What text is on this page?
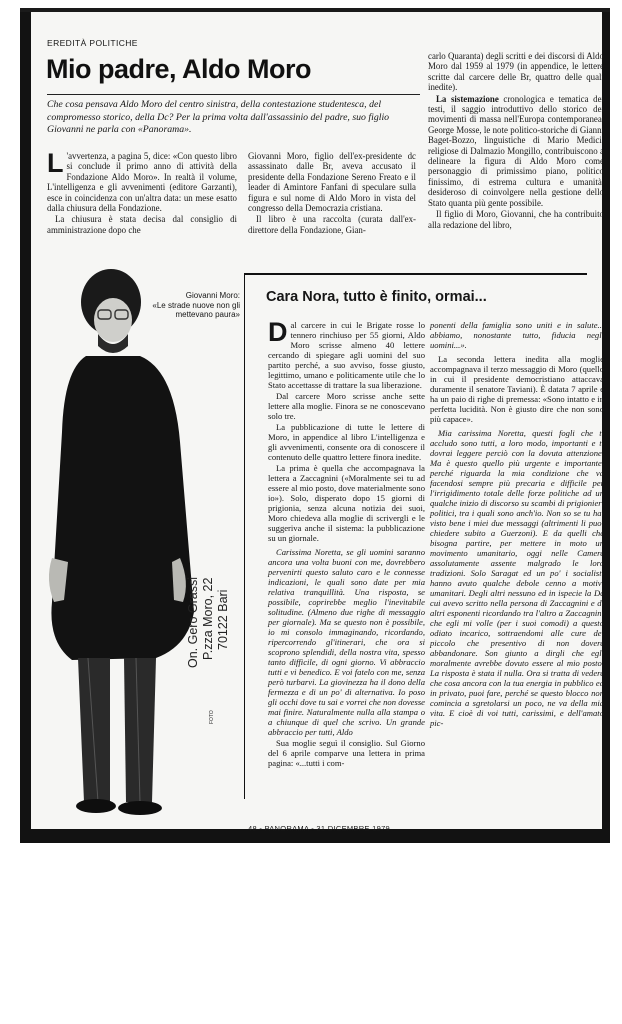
EREDITÀ POLITICHE
Mio padre, Aldo Moro

Che cosa pensava Aldo Moro del centro sinistra, della contestazione studentesca, del compromesso storico, della Dc? Per la prima volta dall'assassinio del padre, suo figlio Giovanni ne parla con «Panorama».

L 'avvertenza, a pagina 5, dice: «Con questo libro si conclude il primo anno di attività della Fondazione Aldo Moro». In realtà il volume, L'intelligenza e gli avvenimenti (editore Garzanti), esce in coincidenza con un'altra data: un mese esatto dalla chiusura della Fondazione.

La chiusura è stata decisa dal consiglio di amministrazione dopo che

Giovanni Moro, figlio dell'ex-presidente dc assassinato dalle Br, aveva accusato il presidente della Fondazione Sereno Freato e il leader di Amintore Fanfani di speculare sulla figura e sul nome di Aldo Moro in vista del congresso della Democrazia cristiana.

Il libro è una raccolta (curata dall'ex-direttore della Fondazione, Gian-

carlo Quaranta) degli scritti e dei discorsi di Aldo Moro dal 1959 al 1979 (in appendice, le lettere scritte dal carcere delle Br, quattro delle quali inedite).

La sistemazione cronologica e tematica dei testi, il saggio introduttivo dello storico dei movimenti di massa nell'Europa contemporanea, George Mosse, le note politico-storiche di Gianni Baget-Bozzo, linguistiche di Mario Medici, religiose di Dalmazio Mongillo, contribuiscono a delineare la figura di Aldo Moro come personaggio di primissimo piano, politico finissimo, di estrema cultura e umanità, desideroso di coinvolgere nella gestione dello Stato quanta più gente possibile.

Il figlio di Moro, Giovanni, che ha contribuito alla redazione del libro,

Giovanni Moro:
«Le strade nuove non gli mettevano paura»

On. Gero Grassi P.zza Moro, 22 70122 Bari
FOTO
Cara Nora, tutto è finito, ormai...

Dal carcere in cui le Brigate rosse lo tennero rinchiuso per 55 giorni, Aldo Moro scrisse almeno 40 lettere cercando di spiegare agli uomini del suo partito perché, a suo avviso, fosse giusto, legittimo, umano e politicamente utile che lo Stato accettasse di trattare la sua liberazione.

Dal carcere Moro scrisse anche sette lettere alla moglie. Finora se ne conoscevano solo tre.

La pubblicazione di tutte le lettere di Moro, in appendice al libro L'intelligenza e gli avvenimenti, consente ora di conoscere il contenuto delle quattro lettere finora inedite.

La prima è quella che accompagnava la lettera a Zaccagnini («Moralmente sei tu ad essere al mio posto, dove materialmente sono io»). Solo, disperato dopo 15 giorni di prigionia, senza alcuna notizia dei suoi, Moro chiedeva alla moglie di scrivergli e le suggeriva anche il sistema: la pubblicazione su un giornale.

Carissima Noretta, se gli uomini saranno ancora una volta buoni con me, dovrebbero pervenirti questo saluto caro e le connesse indicazioni, le quali sono date per mia relativa tranquillità. Una risposta, se possibile, coprirebbe meglio l'inevitabile solitudine. (Almeno due righe di messaggio per giornale). Ma se questo non è possibile, io mi consolo immaginando, ricordando, ripercorrendo gl'itinerari, che ora si scoprono splendidi, della nostra vita, spesso tanto difficile, di ogni giorno. Vi abbraccio tutti e vi benedico. E voi fatelo con me, senza però turbarvi. La giovinezza ha il dono della fermezza e di un po' di alternativa. Io poso gli occhi dove tu sai e vorrei che non dovesse mai finire. Naturalmente nulla alla stampa o a chiunque di quel che scrivo. Un grande abbraccio per tutti, Aldo

Sua moglie seguì il consiglio. Sul Giorno del 6 aprile comparve una lettera in prima pagina: «...tutti i com-

ponenti della famiglia sono uniti e in salute... abbiamo, nonostante tutto, fiducia negli uomini...».

La seconda lettera inedita alla moglie accompagnava il terzo messaggio di Moro (quello in cui il presidente democristiano attaccava duramente il senatore Taviani). È datata 7 aprile e ha un paio di righe di premessa: «Sono intatto e in perfetta lucidità. Non è giusto dire che non sono più capace».

Mia carissima Noretta, questi fogli che ti accludo sono tutti, a loro modo, importanti e ti dovrai leggere perciò con la dovuta attenzione. Ma è questo quello più urgente e importante, perché riguarda la mia condizione che va facendosi sempre più precaria e difficile per l'irrigidimento totale delle forze politiche ad un qualche inizio di discorso su scambi di prigionieri politici, tra i quali sono anch'io. Non so se tu hai visto bene i miei due messaggi (altrimenti li puoi chiedere subito a Guerzoni). E da quelli che bisogna partire, per mettere in moto un movimento umanitario, oggi nelle Camere assolutamente assente malgrado le loro tradizioni. Solo Saragat ed un po' i socialisti hanno avuto qualche debole cenno a motivi umanitari. Degli altri nessuno ed in ispecie la Dc cui avevo scritto nella persona di Zaccagnini e di altri esponenti ricordando tra l'altro a Zaccagnini che egli mi volle (per i suoi comodi) a questo odiato incarico, sottraendomi alle cure del piccolo che presentivo di non dovere abbandonare. Son giunto a dirgli che egli moralmente avrebbe dovuto essere al mio posto. La risposta è stata il nulla. Ora si tratta di vedere che cosa ancora con la tua energia in pubblico ed in privato, puoi fare, perché se questo blocco non comincia a sgretolarsi un poco, ne va della mia vita. E cioè di voi tutti, carissimi, e dell'amato pic-

48 - PANORAMA - 31 DICEMBRE 1979
